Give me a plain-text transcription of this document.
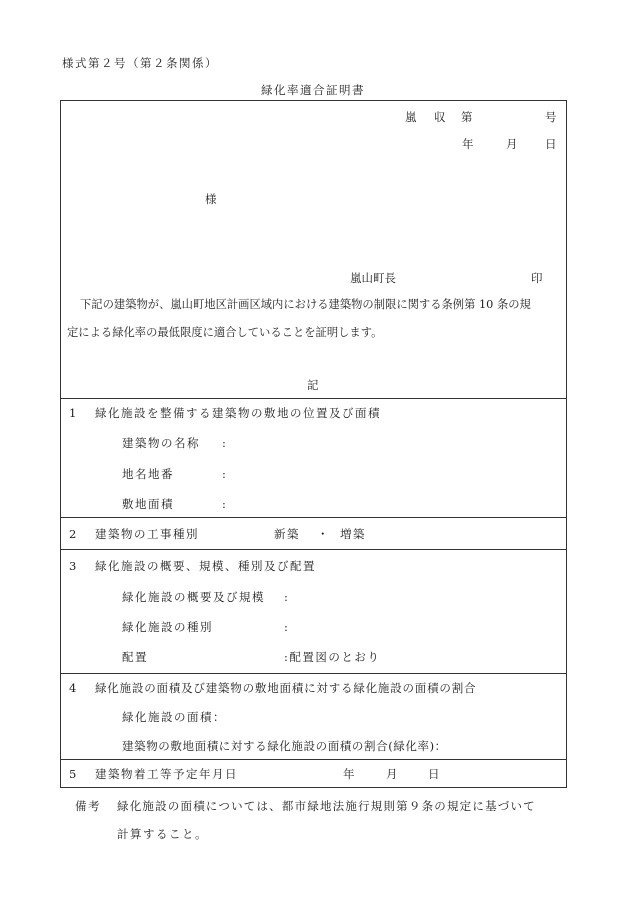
様式第２号（第２条関係）
緑化率適合証明書
嵐 収 第	号
年	月 日
様
嵐山町長	印
下記の建築物が、嵐山町地区計画区域内における建築物の制限に関する条例第 10 条の規
定による緑化率の最低限度に適合していることを証明します。
記
1 緑化施設を整備する建築物の敷地の位置及び面積
建築物の名称 :
地名地番	:
敷地面積	:
2 建築物の工事種別	新築 ・ 増築
3 緑化施設の概要、規模、種別及び配置
緑化施設の概要及び規模 :
緑化施設の種別	:
配置	:配置図のとおり
4 緑化施設の面積及び建築物の敷地面積に対する緑化施設の面積の割合
緑化施設の面積：
建築物の敷地面積に対する緑化施設の面積の割合(緑化率)：
5 建築物着工等予定年月日	年	月	日
備考 緑化施設の面積については、都市緑地法施行規則第９条の規定に基づいて
計算すること。
